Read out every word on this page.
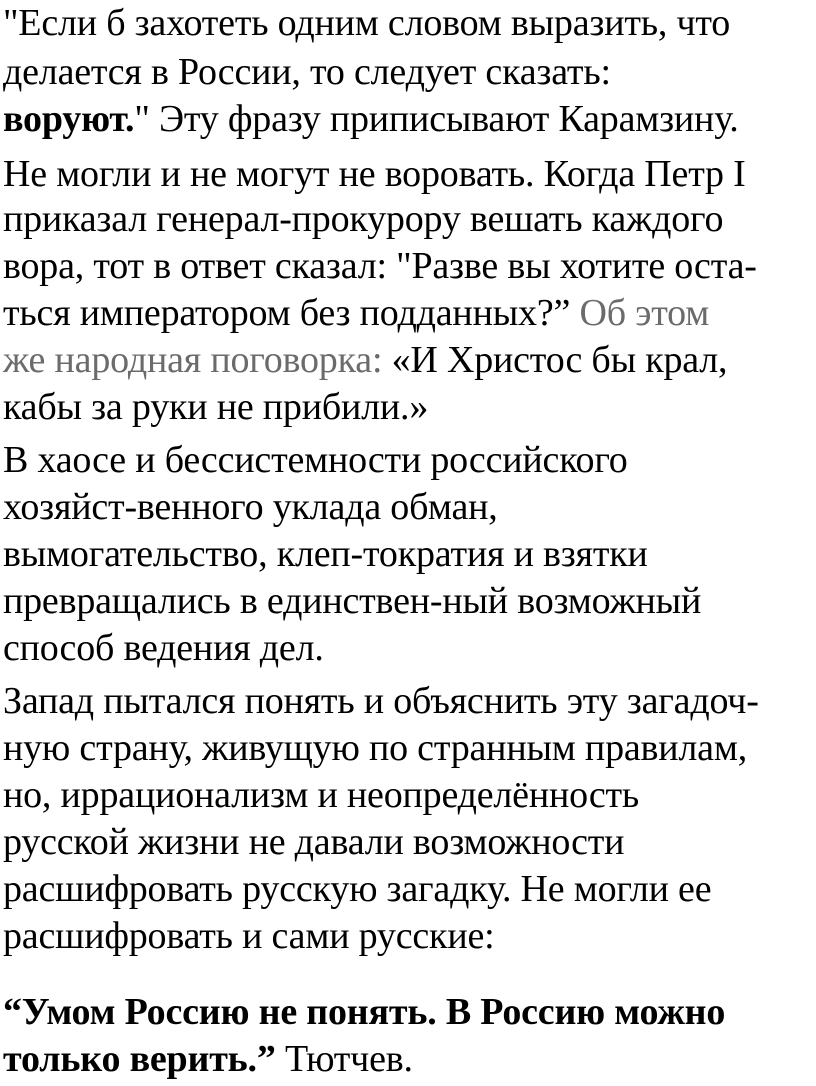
"Если б захотеть одним словом выразить, что
делается в России, то следует сказать:
воруют." Эту фразу приписывают Карамзину.
Не могли и не могут не воровать. Когда Петр I
приказал генерал-прокурору вешать каждого
вора, тот в ответ сказал: "Разве вы хотите оста-
ться императором без подданных?” Об этом
же народная поговорка: «И Христос бы крал,
кабы за руки не прибили.»
В хаосе и бессистемности российского
хозяйст-венного уклада обман,
вымогательство, клеп-тократия и взятки
превращались в единствен-ный возможный
способ ведения дел.
Запад пытался понять и объяснить эту загадоч-
ную страну, живущую по странным правилам,
но, иррационализм и неопределённость
русской жизни не давали возможности
расшифровать русскую загадку. Не могли ее
расшифровать и сами русские:
“Умом Россию не понять. В Россию можно
только верить.” Тютчев.
